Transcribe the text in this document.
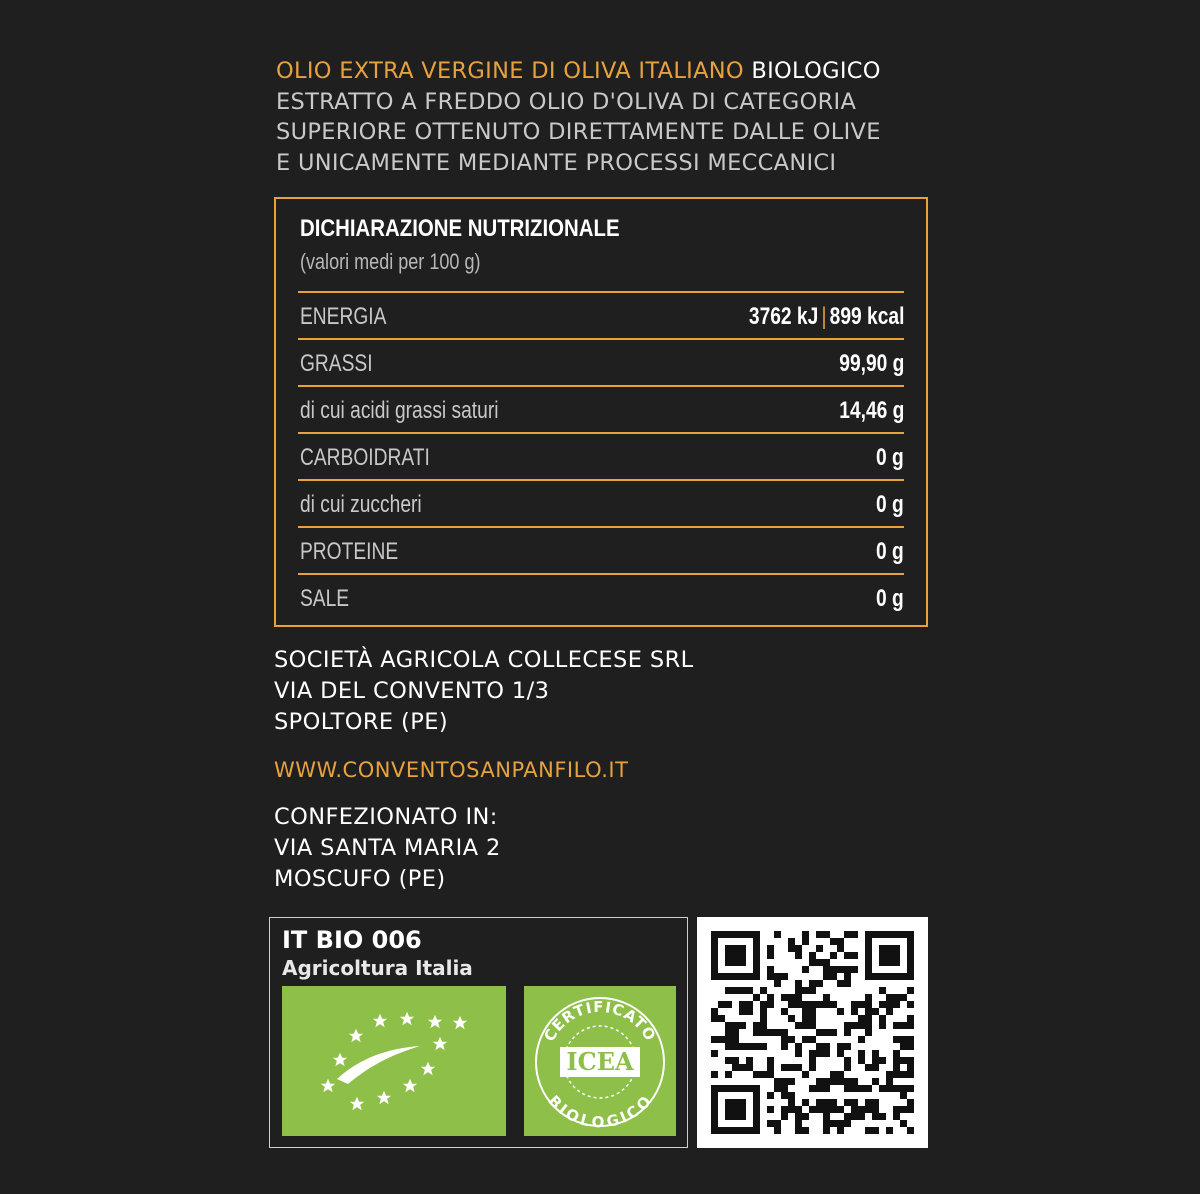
OLIO EXTRA VERGINE DI OLIVA ITALIANO BIOLOGICO
ESTRATTO A FREDDO OLIO D'OLIVA DI CATEGORIA
SUPERIORE OTTENUTO DIRETTAMENTE DALLE OLIVE
E UNICAMENTE MEDIANTE PROCESSI MECCANICI
DICHIARAZIONE NUTRIZIONALE
(valori medi per 100 g)
ENERGIA	3762 kJ | 899 kcal
GRASSI	99,90 g
di cui acidi grassi saturi	14,46 g
CARBOIDRATI	0 g
di cui zuccheri	0 g
PROTEINE	0 g
SALE	0 g
SOCIETÀ AGRICOLA COLLECESE SRL
VIA DEL CONVENTO 1/3
SPOLTORE (PE)
WWW.CONVENTOSANPANFILO.IT
CONFEZIONATO IN:
VIA SANTA MARIA 2
MOSCUFO (PE)
IT BIO 006
Agricoltura Italia
CERTIFICATO
ICEA
BIOLOGICO
